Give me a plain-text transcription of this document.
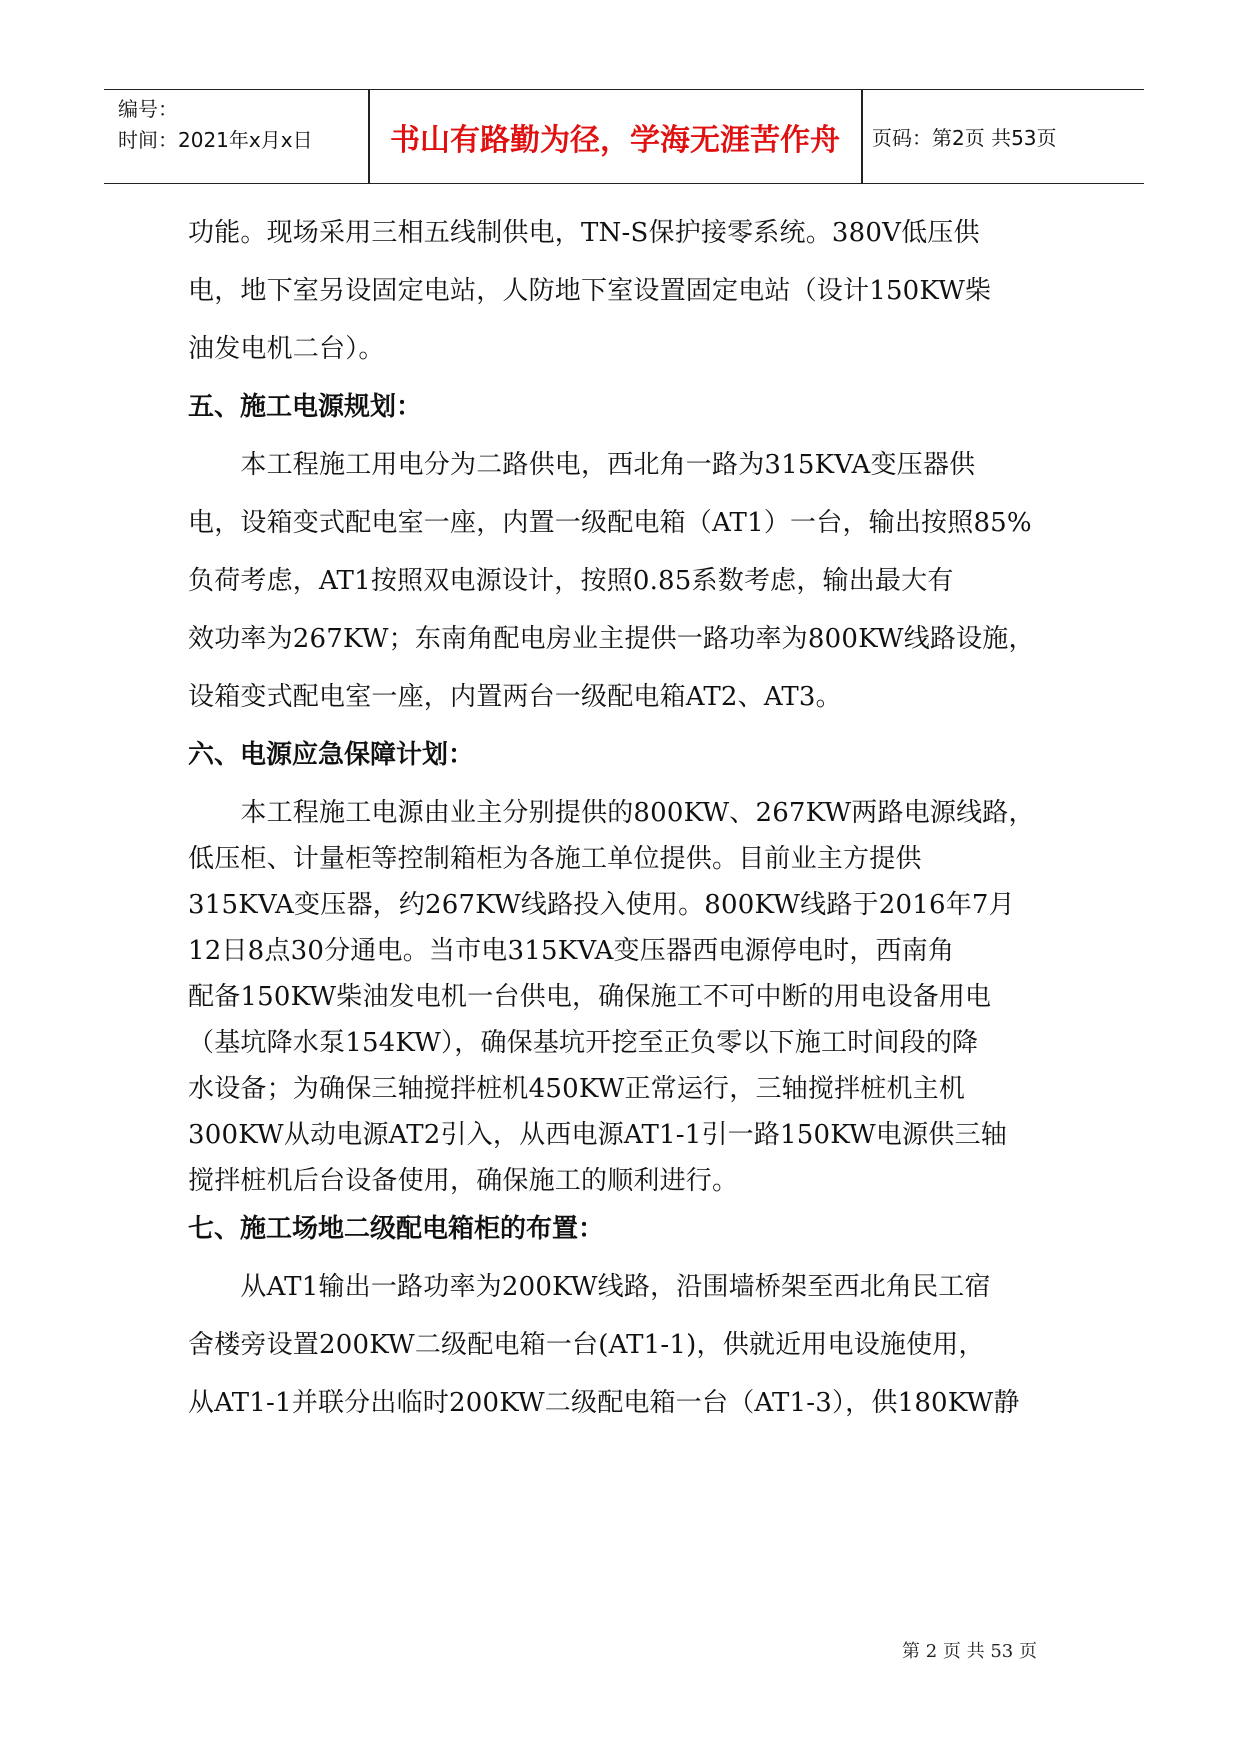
编号：
时间：2021年x月x日	书山有路勤为径，学海无涯苦作舟	页码：第2页 共53页
功能。现场采用三相五线制供电，TN-S保护接零系统。380V低压供
电，地下室另设固定电站，人防地下室设置固定电站（设计150KW柴
油发电机二台）。
五、施工电源规划：
　　本工程施工用电分为二路供电，西北角一路为315KVA变压器供
电，设箱变式配电室一座，内置一级配电箱（AT1）一台，输出按照85%
负荷考虑，AT1按照双电源设计，按照0.85系数考虑，输出最大有
效功率为267KW；东南角配电房业主提供一路功率为800KW线路设施，
设箱变式配电室一座，内置两台一级配电箱AT2、AT3。
六、电源应急保障计划：
　　本工程施工电源由业主分别提供的800KW、267KW两路电源线路，
低压柜、计量柜等控制箱柜为各施工单位提供。目前业主方提供
315KVA变压器，约267KW线路投入使用。800KW线路于2016年7月
12日8点30分通电。当市电315KVA变压器西电源停电时，西南角
配备150KW柴油发电机一台供电，确保施工不可中断的用电设备用电
（基坑降水泵154KW），确保基坑开挖至正负零以下施工时间段的降
水设备；为确保三轴搅拌桩机450KW正常运行，三轴搅拌桩机主机
300KW从动电源AT2引入，从西电源AT1-1引一路150KW电源供三轴
搅拌桩机后台设备使用，确保施工的顺利进行。
七、施工场地二级配电箱柜的布置：
　　从AT1输出一路功率为200KW线路，沿围墙桥架至西北角民工宿
舍楼旁设置200KW二级配电箱一台(AT1-1)，供就近用电设施使用，
从AT1-1并联分出临时200KW二级配电箱一台（AT1-3），供180KW静
第 2 页 共 53 页
